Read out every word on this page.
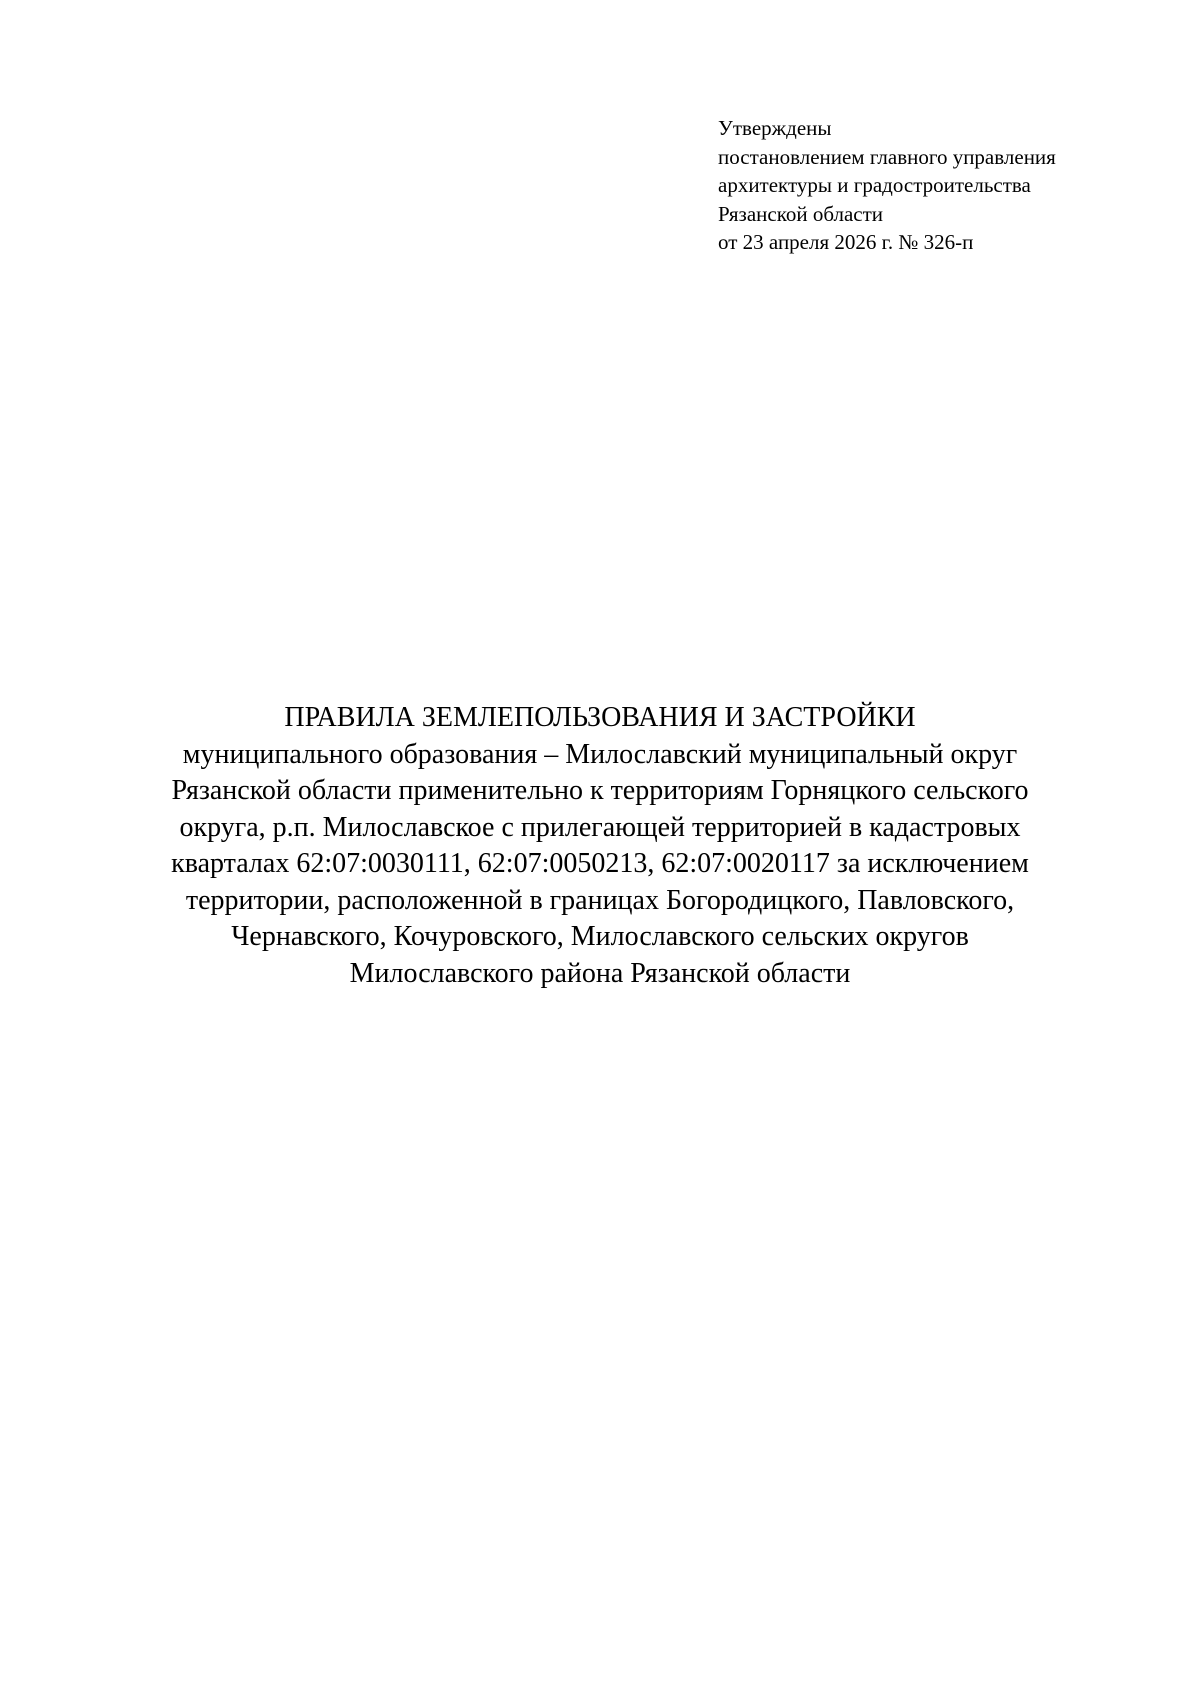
Утверждены
постановлением главного управления
архитектуры и градостроительства
Рязанской области
от 23 апреля 2026 г. № 326-п
ПРАВИЛА ЗЕМЛЕПОЛЬЗОВАНИЯ И ЗАСТРОЙКИ
муниципального образования – Милославский муниципальный округ
Рязанской области применительно к территориям Горняцкого сельского
округа, р.п. Милославское с прилегающей территорией в кадастровых
кварталах 62:07:0030111, 62:07:0050213, 62:07:0020117 за исключением
территории, расположенной в границах Богородицкого, Павловского,
Чернавского, Кочуровского, Милославского сельских округов
Милославского района Рязанской области
